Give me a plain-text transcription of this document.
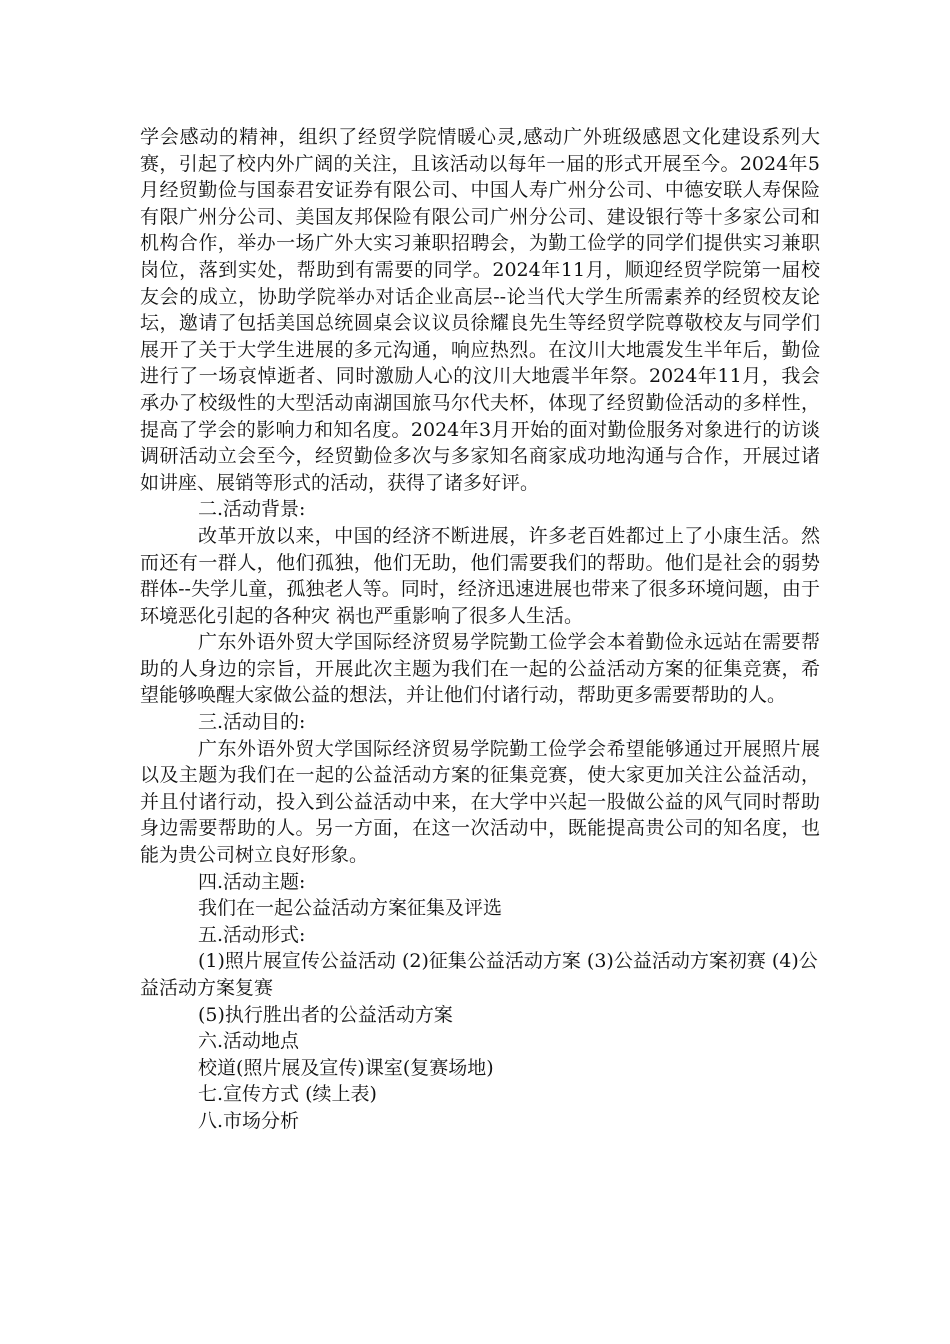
学会感动的精神，组织了经贸学院情暖心灵,感动广外班级感恩文化建设系列大赛，引起了校内外广阔的关注，且该活动以每年一届的形式开展至今。2024年5月经贸勤俭与国泰君安证券有限公司、中国人寿广州分公司、中德安联人寿保险有限广州分公司、美国友邦保险有限公司广州分公司、建设银行等十多家公司和机构合作，举办一场广外大实习兼职招聘会，为勤工俭学的同学们提供实习兼职岗位，落到实处，帮助到有需要的同学。2024年11月，顺迎经贸学院第一届校友会的成立，协助学院举办对话企业高层--论当代大学生所需素养的经贸校友论坛，邀请了包括美国总统圆桌会议议员徐耀良先生等经贸学院尊敬校友与同学们展开了关于大学生进展的多元沟通，响应热烈。在汶川大地震发生半年后，勤俭进行了一场哀悼逝者、同时激励人心的汶川大地震半年祭。2024年11月，我会承办了校级性的大型活动南湖国旅马尔代夫杯，体现了经贸勤俭活动的多样性，提高了学会的影响力和知名度。2024年3月开始的面对勤俭服务对象进行的访谈调研活动立会至今，经贸勤俭多次与多家知名商家成功地沟通与合作，开展过诸如讲座、展销等形式的活动，获得了诸多好评。

二.活动背景:

改革开放以来，中国的经济不断进展，许多老百姓都过上了小康生活。然而还有一群人，他们孤独，他们无助，他们需要我们的帮助。他们是社会的弱势群体--失学儿童，孤独老人等。同时，经济迅速进展也带来了很多环境问题，由于环境恶化引起的各种灾 祸也严重影响了很多人生活。

广东外语外贸大学国际经济贸易学院勤工俭学会本着勤俭永远站在需要帮助的人身边的宗旨，开展此次主题为我们在一起的公益活动方案的征集竞赛，希望能够唤醒大家做公益的想法，并让他们付诸行动，帮助更多需要帮助的人。

三.活动目的:

广东外语外贸大学国际经济贸易学院勤工俭学会希望能够通过开展照片展以及主题为我们在一起的公益活动方案的征集竞赛，使大家更加关注公益活动，并且付诸行动，投入到公益活动中来，在大学中兴起一股做公益的风气同时帮助身边需要帮助的人。另一方面，在这一次活动中，既能提高贵公司的知名度，也能为贵公司树立良好形象。

四.活动主题:

我们在一起公益活动方案征集及评选

五.活动形式:

(1)照片展宣传公益活动 (2)征集公益活动方案 (3)公益活动方案初赛 (4)公益活动方案复赛

(5)执行胜出者的公益活动方案

六.活动地点

校道(照片展及宣传)课室(复赛场地)

七.宣传方式 (续上表)

八.市场分析
